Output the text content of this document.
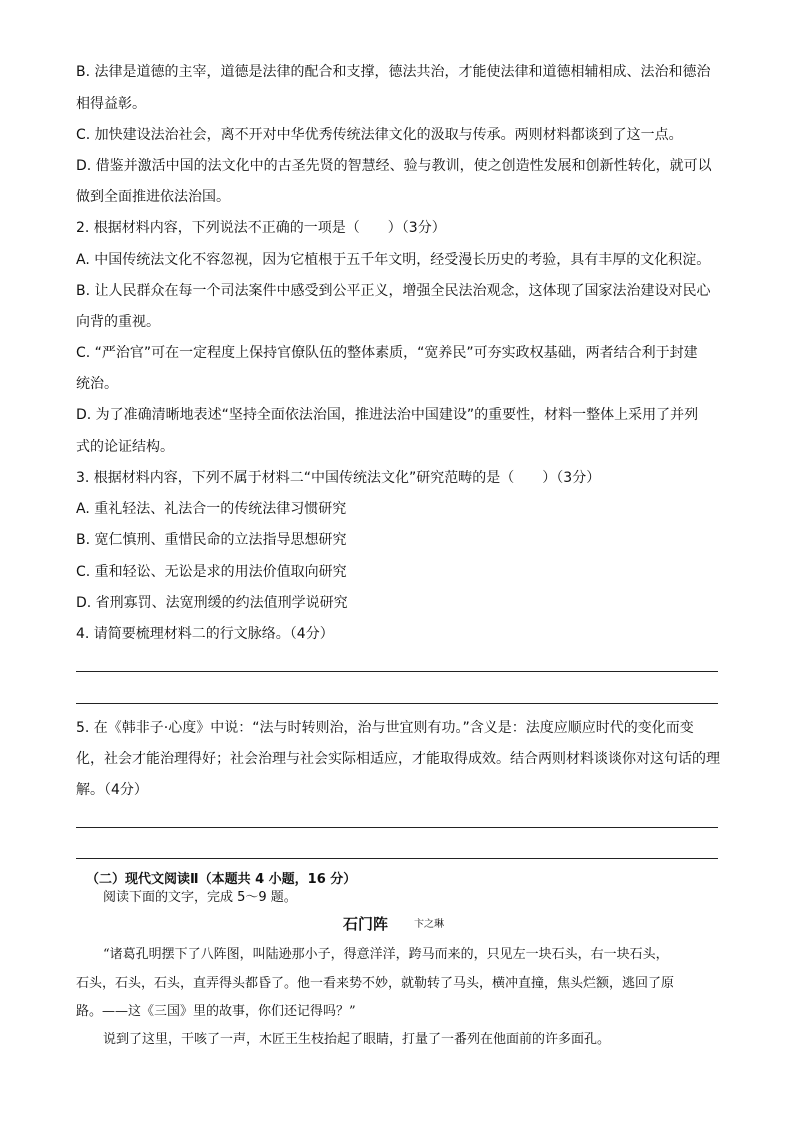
B. 法律是道德的主宰，道德是法律的配合和支撑，德法共治，才能使法律和道德相辅相成、法治和德治
相得益彰。
C. 加快建设法治社会，离不开对中华优秀传统法律文化的汲取与传承。两则材料都谈到了这一点。
D. 借鉴并激活中国的法文化中的古圣先贤的智慧经、验与教训，使之创造性发展和创新性转化，就可以
做到全面推进依法治国。
2. 根据材料内容，下列说法不正确的一项是（　　）（3分）
A. 中国传统法文化不容忽视，因为它植根于五千年文明，经受漫长历史的考验，具有丰厚的文化积淀。
B. 让人民群众在每一个司法案件中感受到公平正义，增强全民法治观念，这体现了国家法治建设对民心
向背的重视。
C. “严治官”可在一定程度上保持官僚队伍的整体素质，“宽养民”可夯实政权基础，两者结合利于封建
统治。
D. 为了准确清晰地表述“坚持全面依法治国，推进法治中国建设”的重要性，材料一整体上采用了并列
式的论证结构。
3. 根据材料内容，下列不属于材料二“中国传统法文化”研究范畴的是（　　）（3分）
A. 重礼轻法、礼法合一的传统法律习惯研究
B. 宽仁慎刑、重惜民命的立法指导思想研究
C. 重和轻讼、无讼是求的用法价值取向研究
D. 省刑寡罚、法宽刑缓的约法值刑学说研究
4. 请简要梳理材料二的行文脉络。（4分）
5. 在《韩非子·心度》中说：“法与时转则治，治与世宜则有功。”含义是：法度应顺应时代的变化而变
化，社会才能治理得好；社会治理与社会实际相适应，才能取得成效。结合两则材料谈谈你对这句话的理
解。（4分）
（二）现代文阅读Ⅱ（本题共 4 小题，16 分）
阅读下面的文字，完成 5～9 题。
石门阵	卞之琳
“诸葛孔明摆下了八阵图，叫陆逊那小子，得意洋洋，跨马而来的，只见左一块石头，右一块石头，
石头，石头，石头，直弄得头都昏了。他一看来势不妙，就勒转了马头，横冲直撞，焦头烂额，逃回了原
路。——这《三国》里的故事，你们还记得吗？”
说到了这里，干咳了一声，木匠王生枝抬起了眼睛，打量了一番列在他面前的许多面孔。
